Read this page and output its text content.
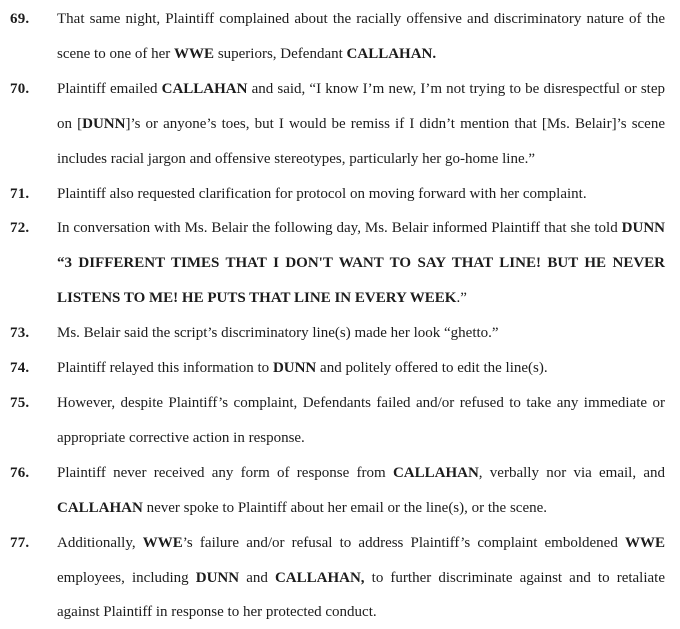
69. That same night, Plaintiff complained about the racially offensive and discriminatory nature of the scene to one of her WWE superiors, Defendant CALLAHAN.
70. Plaintiff emailed CALLAHAN and said, “I know I’m new, I’m not trying to be disrespectful or step on [DUNN]’s or anyone’s toes, but I would be remiss if I didn’t mention that [Ms. Belair]’s scene includes racial jargon and offensive stereotypes, particularly her go-home line.”
71. Plaintiff also requested clarification for protocol on moving forward with her complaint.
72. In conversation with Ms. Belair the following day, Ms. Belair informed Plaintiff that she told DUNN “3 DIFFERENT TIMES THAT I DON'T WANT TO SAY THAT LINE! BUT HE NEVER LISTENS TO ME! HE PUTS THAT LINE IN EVERY WEEK.”
73. Ms. Belair said the script’s discriminatory line(s) made her look “ghetto.”
74. Plaintiff relayed this information to DUNN and politely offered to edit the line(s).
75. However, despite Plaintiff’s complaint, Defendants failed and/or refused to take any immediate or appropriate corrective action in response.
76. Plaintiff never received any form of response from CALLAHAN, verbally nor via email, and CALLAHAN never spoke to Plaintiff about her email or the line(s), or the scene.
77. Additionally, WWE’s failure and/or refusal to address Plaintiff’s complaint emboldened WWE employees, including DUNN and CALLAHAN, to further discriminate against and to retaliate against Plaintiff in response to her protected conduct.
